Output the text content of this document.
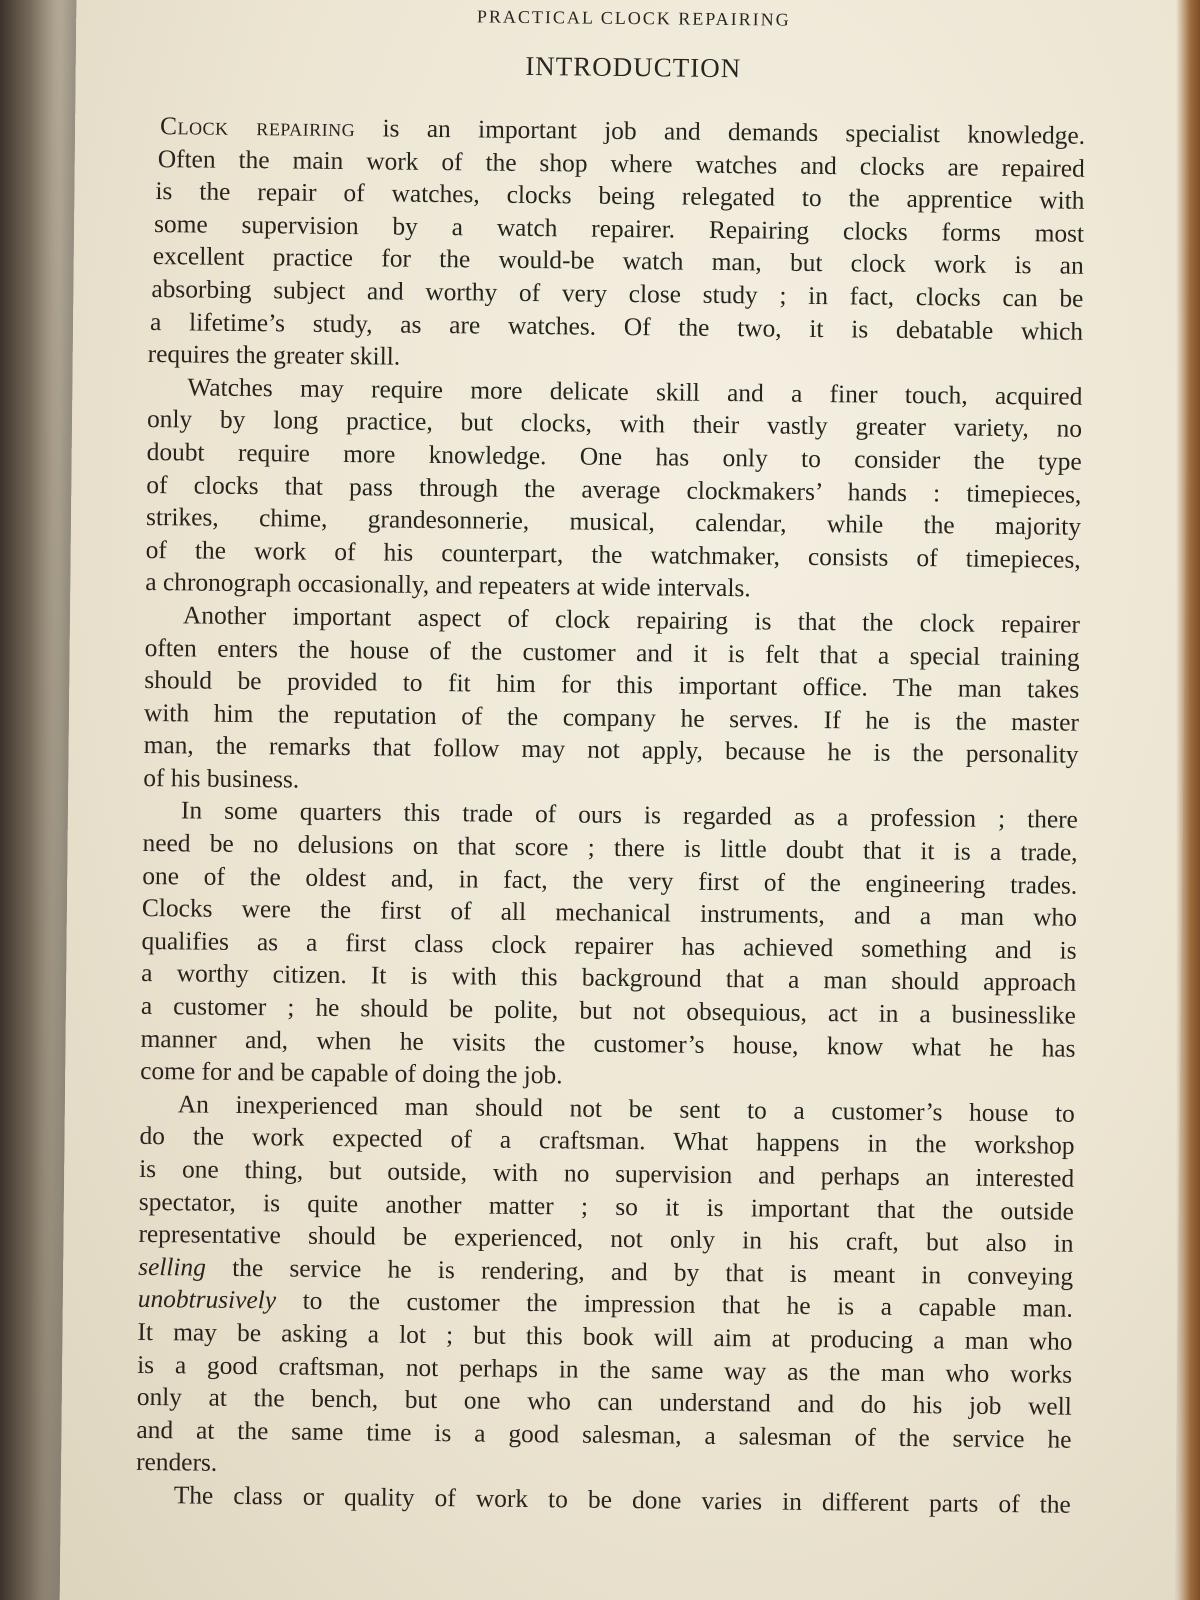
PRACTICAL CLOCK REPAIRING
INTRODUCTION
Clock repairing is an important job and demands specialist knowledge.
Often the main work of the shop where watches and clocks are repaired
is the repair of watches, clocks being relegated to the apprentice with
some supervision by a watch repairer. Repairing clocks forms most
excellent practice for the would-be watch man, but clock work is an
absorbing subject and worthy of very close study ; in fact, clocks can be
a lifetime’s study, as are watches. Of the two, it is debatable which
requires the greater skill.
Watches may require more delicate skill and a finer touch, acquired
only by long practice, but clocks, with their vastly greater variety, no
doubt require more knowledge. One has only to consider the type
of clocks that pass through the average clockmakers’ hands : timepieces,
strikes, chime, grandesonnerie, musical, calendar, while the majority
of the work of his counterpart, the watchmaker, consists of timepieces,
a chronograph occasionally, and repeaters at wide intervals.
Another important aspect of clock repairing is that the clock repairer
often enters the house of the customer and it is felt that a special training
should be provided to fit him for this important office. The man takes
with him the reputation of the company he serves. If he is the master
man, the remarks that follow may not apply, because he is the personality
of his business.
In some quarters this trade of ours is regarded as a profession ; there
need be no delusions on that score ; there is little doubt that it is a trade,
one of the oldest and, in fact, the very first of the engineering trades.
Clocks were the first of all mechanical instruments, and a man who
qualifies as a first class clock repairer has achieved something and is
a worthy citizen. It is with this background that a man should approach
a customer ; he should be polite, but not obsequious, act in a businesslike
manner and, when he visits the customer’s house, know what he has
come for and be capable of doing the job.
An inexperienced man should not be sent to a customer’s house to
do the work expected of a craftsman. What happens in the workshop
is one thing, but outside, with no supervision and perhaps an interested
spectator, is quite another matter ; so it is important that the outside
representative should be experienced, not only in his craft, but also in
selling the service he is rendering, and by that is meant in conveying
unobtrusively to the customer the impression that he is a capable man.
It may be asking a lot ; but this book will aim at producing a man who
is a good craftsman, not perhaps in the same way as the man who works
only at the bench, but one who can understand and do his job well
and at the same time is a good salesman, a salesman of the service he
renders.
The class or quality of work to be done varies in different parts of the
